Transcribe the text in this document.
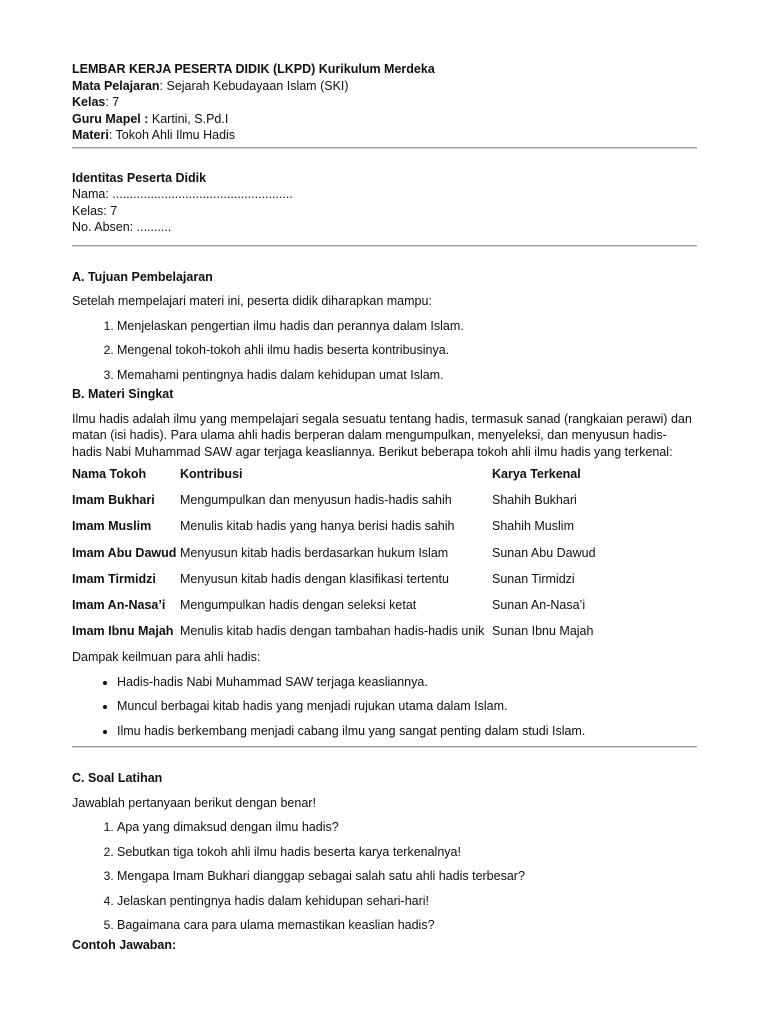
LEMBAR KERJA PESERTA DIDIK (LKPD) Kurikulum Merdeka
Mata Pelajaran: Sejarah Kebudayaan Islam (SKI)
Kelas: 7
Guru Mapel : Kartini, S.Pd.I
Materi: Tokoh Ahli Ilmu Hadis
Identitas Peserta Didik
Nama: ....................................................
Kelas: 7
No. Absen: ..........
A. Tujuan Pembelajaran
Setelah mempelajari materi ini, peserta didik diharapkan mampu:
1. Menjelaskan pengertian ilmu hadis dan perannya dalam Islam.
2. Mengenal tokoh-tokoh ahli ilmu hadis beserta kontribusinya.
3. Memahami pentingnya hadis dalam kehidupan umat Islam.
B. Materi Singkat
Ilmu hadis adalah ilmu yang mempelajari segala sesuatu tentang hadis, termasuk sanad (rangkaian perawi) dan
matan (isi hadis). Para ulama ahli hadis berperan dalam mengumpulkan, menyeleksi, dan menyusun hadis-
hadis Nabi Muhammad SAW agar terjaga keasliannya. Berikut beberapa tokoh ahli ilmu hadis yang terkenal:
Nama Tokoh	Kontribusi	Karya Terkenal
Imam Bukhari	Mengumpulkan dan menyusun hadis-hadis sahih	Shahih Bukhari
Imam Muslim	Menulis kitab hadis yang hanya berisi hadis sahih	Shahih Muslim
Imam Abu Dawud	Menyusun kitab hadis berdasarkan hukum Islam	Sunan Abu Dawud
Imam Tirmidzi	Menyusun kitab hadis dengan klasifikasi tertentu	Sunan Tirmidzi
Imam An-Nasa’i	Mengumpulkan hadis dengan seleksi ketat	Sunan An-Nasa’i
Imam Ibnu Majah	Menulis kitab hadis dengan tambahan hadis-hadis unik	Sunan Ibnu Majah
Dampak keilmuan para ahli hadis:
• Hadis-hadis Nabi Muhammad SAW terjaga keasliannya.
• Muncul berbagai kitab hadis yang menjadi rujukan utama dalam Islam.
• Ilmu hadis berkembang menjadi cabang ilmu yang sangat penting dalam studi Islam.
C. Soal Latihan
Jawablah pertanyaan berikut dengan benar!
1. Apa yang dimaksud dengan ilmu hadis?
2. Sebutkan tiga tokoh ahli ilmu hadis beserta karya terkenalnya!
3. Mengapa Imam Bukhari dianggap sebagai salah satu ahli hadis terbesar?
4. Jelaskan pentingnya hadis dalam kehidupan sehari-hari!
5. Bagaimana cara para ulama memastikan keaslian hadis?
Contoh Jawaban:
